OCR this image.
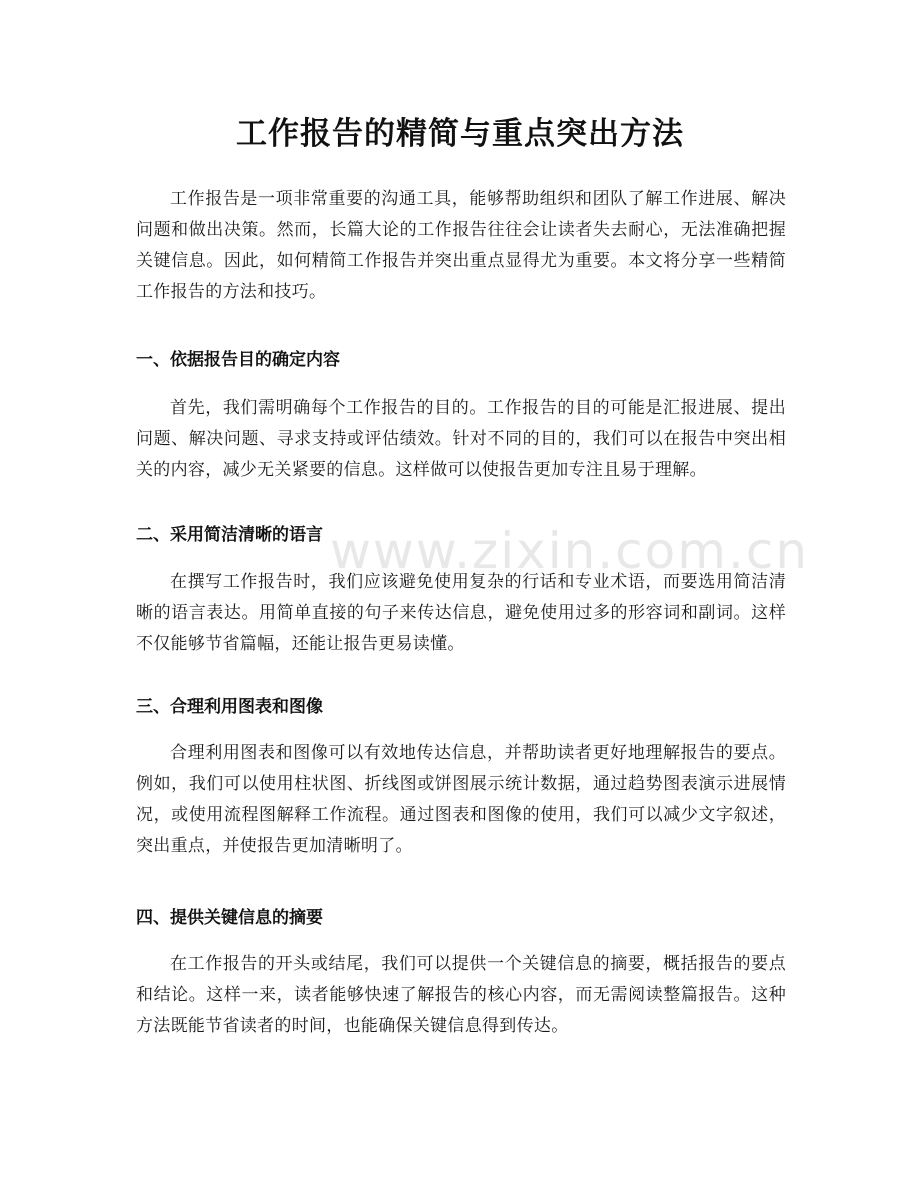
www.zixin.com.cn

工作报告的精简与重点突出方法

工作报告是一项非常重要的沟通工具，能够帮助组织和团队了解工作进展、解决问题和做出决策。然而，长篇大论的工作报告往往会让读者失去耐心，无法准确把握关键信息。因此，如何精简工作报告并突出重点显得尤为重要。本文将分享一些精简工作报告的方法和技巧。

一、依据报告目的确定内容

首先，我们需明确每个工作报告的目的。工作报告的目的可能是汇报进展、提出问题、解决问题、寻求支持或评估绩效。针对不同的目的，我们可以在报告中突出相关的内容，减少无关紧要的信息。这样做可以使报告更加专注且易于理解。

二、采用简洁清晰的语言

在撰写工作报告时，我们应该避免使用复杂的行话和专业术语，而要选用简洁清晰的语言表达。用简单直接的句子来传达信息，避免使用过多的形容词和副词。这样不仅能够节省篇幅，还能让报告更易读懂。

三、合理利用图表和图像

合理利用图表和图像可以有效地传达信息，并帮助读者更好地理解报告的要点。例如，我们可以使用柱状图、折线图或饼图展示统计数据，通过趋势图表演示进展情况，或使用流程图解释工作流程。通过图表和图像的使用，我们可以减少文字叙述，突出重点，并使报告更加清晰明了。

四、提供关键信息的摘要

在工作报告的开头或结尾，我们可以提供一个关键信息的摘要，概括报告的要点和结论。这样一来，读者能够快速了解报告的核心内容，而无需阅读整篇报告。这种方法既能节省读者的时间，也能确保关键信息得到传达。
